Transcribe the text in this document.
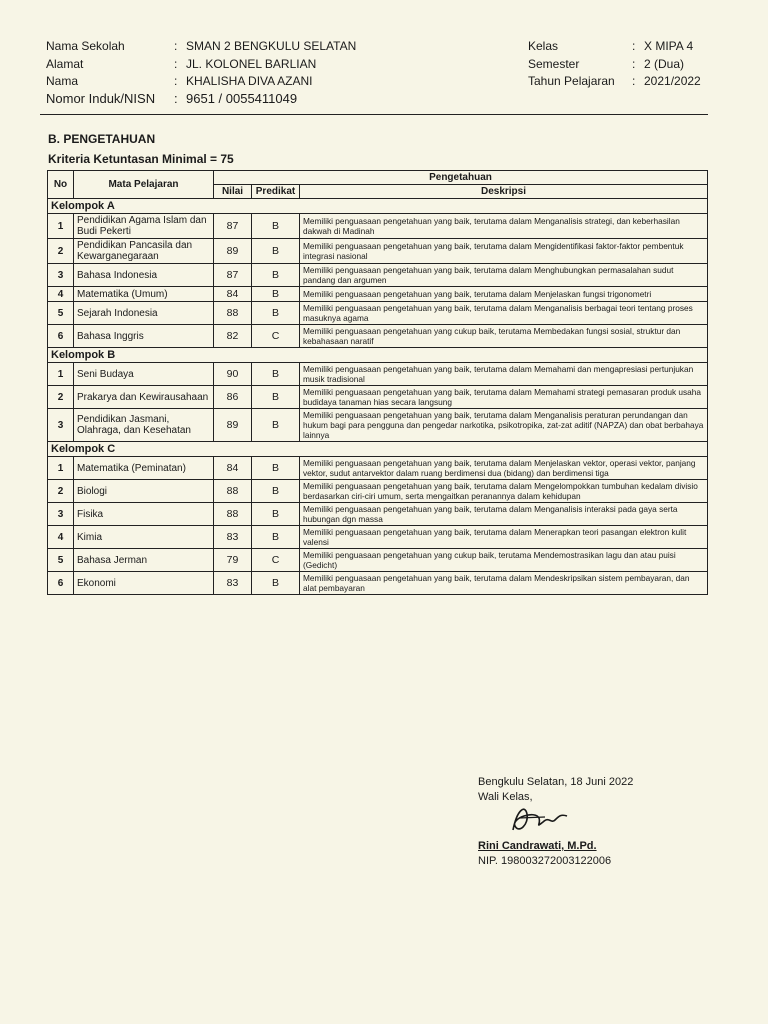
Nama Sekolah	: SMAN 2 BENGKULU SELATAN
Alamat	: JL. KOLONEL BARLIAN
Nama	: KHALISHA DIVA AZANI
Nomor Induk/NISN	: 9651 / 0055411049
Kelas	: X MIPA 4
Semester	: 2 (Dua)
Tahun Pelajaran	: 2021/2022
B. PENGETAHUAN
Kriteria Ketuntasan Minimal = 75
No	Mata Pelajaran	Pengetahuan		
		Nilai	Predikat	Deskripsi
Kelompok A				
1	Pendidikan Agama Islam dan Budi Pekerti	87	B	Memiliki penguasaan pengetahuan yang baik, terutama dalam Menganalisis strategi, dan keberhasilan dakwah di Madinah
2	Pendidikan Pancasila dan Kewarganegaraan	89	B	Memiliki penguasaan pengetahuan yang baik, terutama dalam Mengidentifikasi faktor-faktor pembentuk integrasi nasional
3	Bahasa Indonesia	87	B	Memiliki penguasaan pengetahuan yang baik, terutama dalam Menghubungkan permasalahan sudut pandang dan argumen
4	Matematika (Umum)	84	B	Memiliki penguasaan pengetahuan yang baik, terutama dalam Menjelaskan fungsi trigonometri
5	Sejarah Indonesia	88	B	Memiliki penguasaan pengetahuan yang baik, terutama dalam Menganalisis berbagai teori tentang proses masuknya agama
6	Bahasa Inggris	82	C	Memiliki penguasaan pengetahuan yang cukup baik, terutama Membedakan fungsi sosial, struktur dan kebahasaan naratif
Kelompok B				
1	Seni Budaya	90	B	Memiliki penguasaan pengetahuan yang baik, terutama dalam Memahami dan mengapresiasi pertunjukan musik tradisional
2	Prakarya dan Kewirausahaan	86	B	Memiliki penguasaan pengetahuan yang baik, terutama dalam Memahami strategi pemasaran produk usaha budidaya tanaman hias secara langsung
3	Pendidikan Jasmani, Olahraga, dan Kesehatan	89	B	Memiliki penguasaan pengetahuan yang baik, terutama dalam Menganalisis peraturan perundangan dan hukum bagi para pengguna dan pengedar narkotika, psikotropika, zat-zat aditif (NAPZA) dan obat berbahaya lainnya
Kelompok C				
1	Matematika (Peminatan)	84	B	Memiliki penguasaan pengetahuan yang baik, terutama dalam Menjelaskan vektor, operasi vektor, panjang vektor, sudut antarvektor dalam ruang berdimensi dua (bidang) dan berdimensi tiga
2	Biologi	88	B	Memiliki penguasaan pengetahuan yang baik, terutama dalam Mengelompokkan tumbuhan kedalam divisio berdasarkan ciri-ciri umum, serta mengaitkan peranannya dalam kehidupan
3	Fisika	88	B	Memiliki penguasaan pengetahuan yang baik, terutama dalam Menganalisis interaksi pada gaya serta hubungan dgn massa
4	Kimia	83	B	Memiliki penguasaan pengetahuan yang baik, terutama dalam Menerapkan teori pasangan elektron kulit valensi
5	Bahasa Jerman	79	C	Memiliki penguasaan pengetahuan yang cukup baik, terutama Mendemostrasikan lagu dan atau puisi (Gedicht)
6	Ekonomi	83	B	Memiliki penguasaan pengetahuan yang baik, terutama dalam Mendeskripsikan sistem pembayaran, dan alat pembayaran
Bengkulu Selatan, 18 Juni 2022
Wali Kelas,
Rini Candrawati, M.Pd.
NIP. 198003272003122006
